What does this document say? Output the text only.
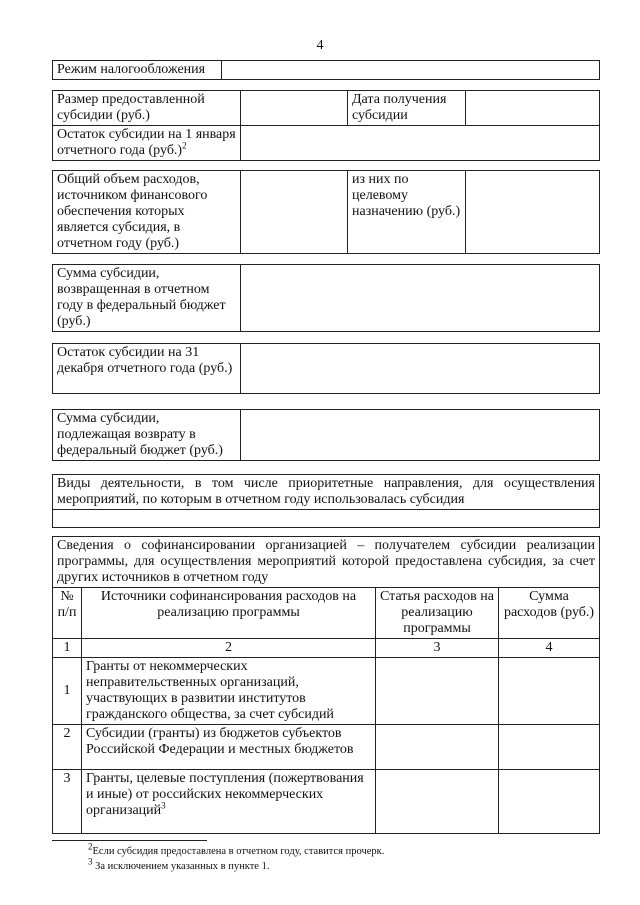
4
Режим налогообложения	
Размер предоставленной субсидии (руб.)		Дата получения субсидии	
Остаток субсидии на 1 января отчетного года $(руб.)^2$	
Общий объем расходов, источником финансового обеспечения которых является субсидия, в отчетном году (руб.)		из них по целевому назначению (руб.)	
Сумма субсидии, возвращенная в отчетном году в федеральный бюджет (руб.)	
Остаток субсидии на 31 декабря отчетного года (руб.)	
Сумма субсидии, подлежащая возврату в федеральный бюджет (руб.)	
Виды деятельности, в том числе приоритетные направления, для осуществления мероприятий, по которым в отчетном году использовалась субсидия

Сведения о софинансировании организацией – получателем субсидии реализации программы, для осуществления мероприятий которой предоставлена субсидия, за счет других источников в отчетном году			
№ п/п	Источники софинансирования расходов на реализацию программы	Статья расходов на реализацию программы	Сумма расходов (руб.)
1	2	3	4
1	Гранты от некоммерческих неправительственных организаций, участвующих в развитии институтов гражданского общества, за счет субсидий		
2	Субсидии (гранты) из бюджетов субъектов Российской Федерации и местных бюджетов		
3	Гранты, целевые поступления (пожертвования и иные) от российских некоммерческих организаций$^3$		
$^2$Если субсидия предоставлена в отчетном году, ставится прочерк.
$^3$ За исключением указанных в пункте 1.
